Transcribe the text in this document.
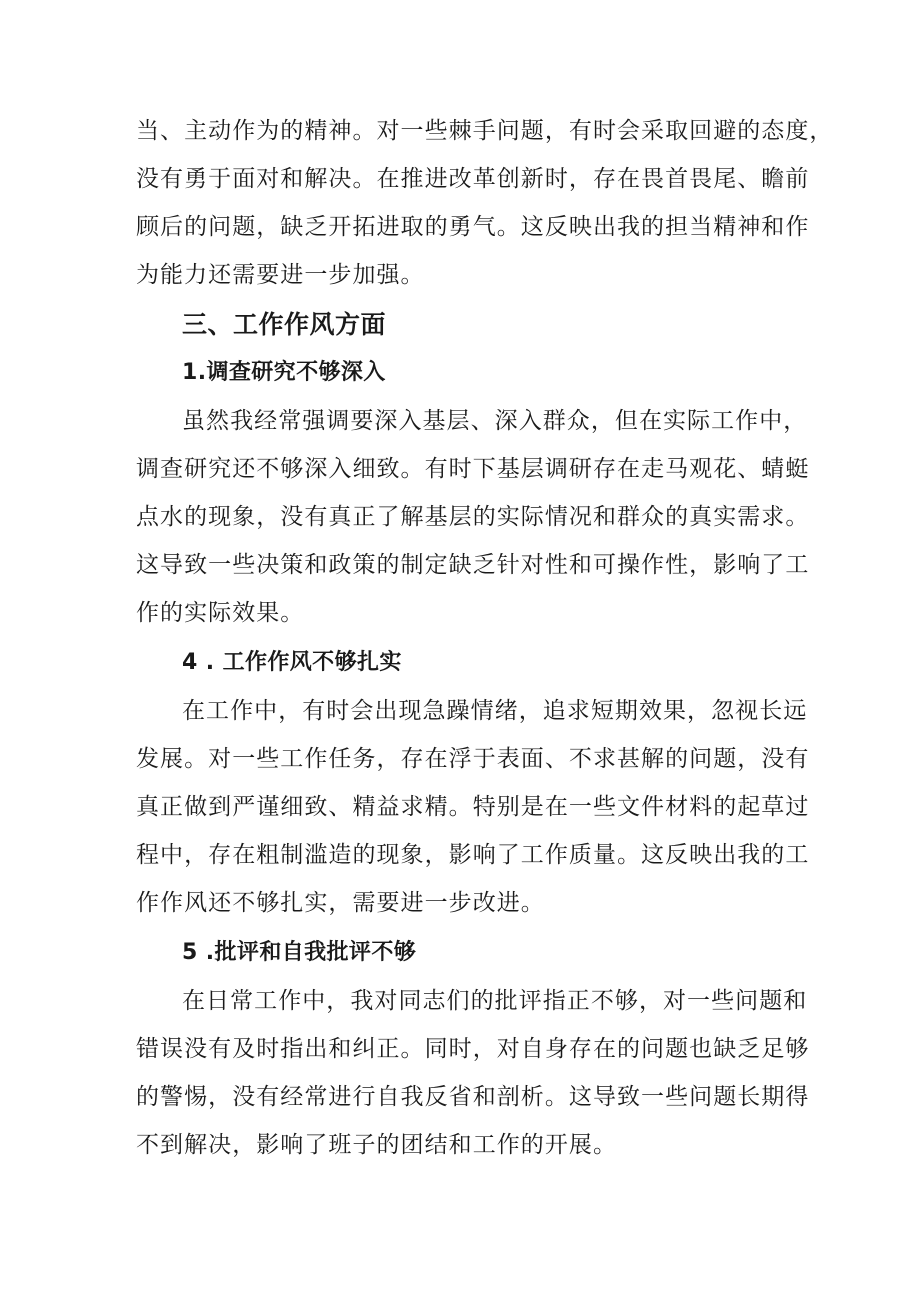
当、主动作为的精神。对一些棘手问题，有时会采取回避的态度，

没有勇于面对和解决。在推进改革创新时，存在畏首畏尾、瞻前

顾后的问题，缺乏开拓进取的勇气。这反映出我的担当精神和作

为能力还需要进一步加强。

三、工作作风方面
1.调查研究不够深入

虽然我经常强调要深入基层、深入群众，但在实际工作中，

调查研究还不够深入细致。有时下基层调研存在走马观花、蜻蜓

点水的现象，没有真正了解基层的实际情况和群众的真实需求。

这导致一些决策和政策的制定缺乏针对性和可操作性，影响了工

作的实际效果。

4 . 工作作风不够扎实

在工作中，有时会出现急躁情绪，追求短期效果，忽视长远

发展。对一些工作任务，存在浮于表面、不求甚解的问题，没有

真正做到严谨细致、精益求精。特别是在一些文件材料的起草过

程中，存在粗制滥造的现象，影响了工作质量。这反映出我的工

作作风还不够扎实，需要进一步改进。

5 .批评和自我批评不够

在日常工作中，我对同志们的批评指正不够，对一些问题和

错误没有及时指出和纠正。同时，对自身存在的问题也缺乏足够

的警惕，没有经常进行自我反省和剖析。这导致一些问题长期得

不到解决，影响了班子的团结和工作的开展。
